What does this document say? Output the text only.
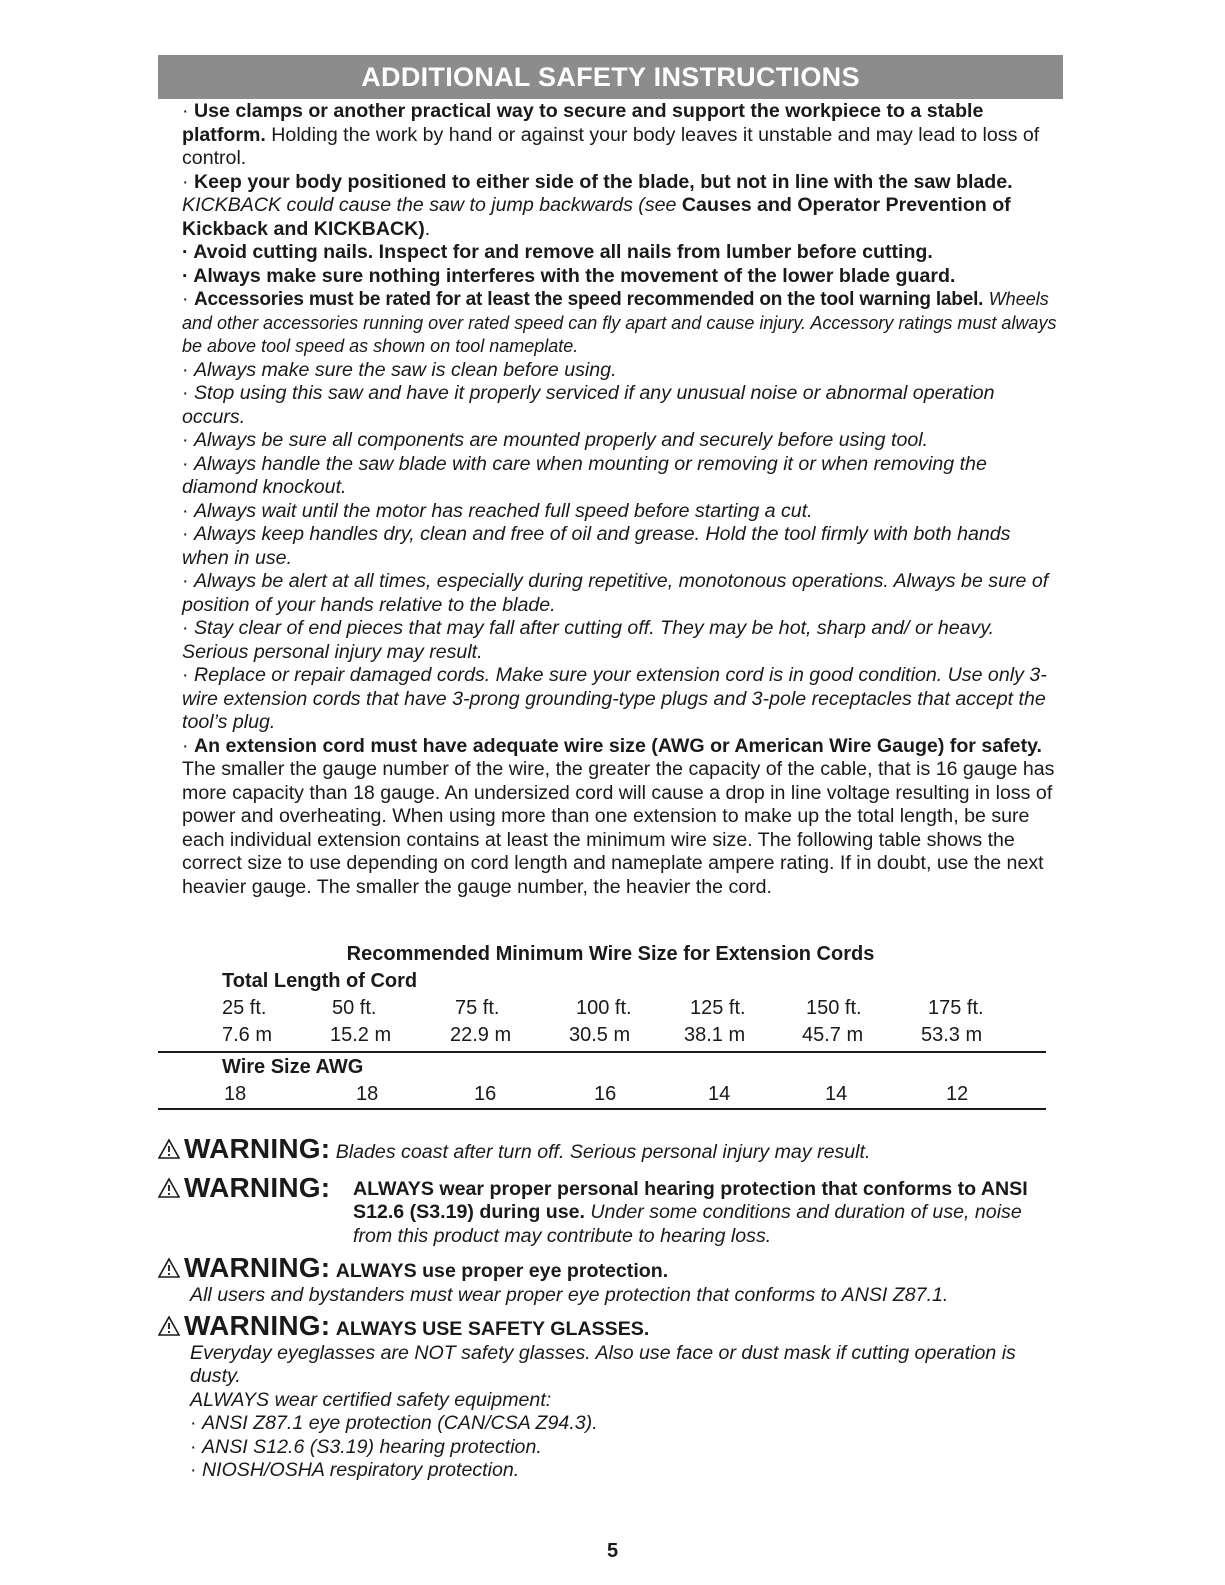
ADDITIONAL SAFETY INSTRUCTIONS

· Use clamps or another practical way to secure and support the workpiece to a stable platform. Holding the work by hand or against your body leaves it unstable and may lead to loss of control.

· Keep your body positioned to either side of the blade, but not in line with the saw blade. KICKBACK could cause the saw to jump backwards (see Causes and Operator Prevention of Kickback and KICKBACK).

· Avoid cutting nails. Inspect for and remove all nails from lumber before cutting.

· Always make sure nothing interferes with the movement of the lower blade guard.

· Accessories must be rated for at least the speed recommended on the tool warning label. Wheels and other accessories running over rated speed can fly apart and cause injury. Accessory ratings must always be above tool speed as shown on tool nameplate.

· Always make sure the saw is clean before using.

· Stop using this saw and have it properly serviced if any unusual noise or abnormal operation occurs.

· Always be sure all components are mounted properly and securely before using tool.

· Always handle the saw blade with care when mounting or removing it or when removing the diamond knockout.

· Always wait until the motor has reached full speed before starting a cut.

· Always keep handles dry, clean and free of oil and grease. Hold the tool firmly with both hands when in use.

· Always be alert at all times, especially during repetitive, monotonous operations. Always be sure of position of your hands relative to the blade.

· Stay clear of end pieces that may fall after cutting off. They may be hot, sharp and/ or heavy. Serious personal injury may result.

· Replace or repair damaged cords. Make sure your extension cord is in good condition. Use only 3-wire extension cords that have 3-prong grounding-type plugs and 3-pole receptacles that accept the tool’s plug.

· An extension cord must have adequate wire size (AWG or American Wire Gauge) for safety. The smaller the gauge number of the wire, the greater the capacity of the cable, that is 16 gauge has more capacity than 18 gauge. An undersized cord will cause a drop in line voltage resulting in loss of power and overheating. When using more than one extension to make up the total length, be sure each individual extension contains at least the minimum wire size. The following table shows the correct size to use depending on cord length and nameplate ampere rating. If in doubt, use the next heavier gauge. The smaller the gauge number, the heavier the cord.

Recommended Minimum Wire Size for Extension Cords
Total Length of Cord
25 ft.	50 ft.	75 ft.	100 ft.	125 ft.	150 ft.	175 ft.
7.6 m	15.2 m	22.9 m	30.5 m	38.1 m	45.7 m	53.3 m
Wire Size AWG
18	18	16	16	14	14	12

WARNING: Blades coast after turn off. Serious personal injury may result.

WARNING:	ALWAYS wear proper personal hearing protection that conforms to ANSI S12.6 (S3.19) during use. Under some conditions and duration of use, noise from this product may contribute to hearing loss.

WARNING: ALWAYS use proper eye protection.

All users and bystanders must wear proper eye protection that conforms to ANSI Z87.1.

WARNING: ALWAYS USE SAFETY GLASSES.

Everyday eyeglasses are NOT safety glasses. Also use face or dust mask if cutting operation is dusty.

ALWAYS wear certified safety equipment:

· ANSI Z87.1 eye protection (CAN/CSA Z94.3).

· ANSI S12.6 (S3.19) hearing protection.

· NIOSH/OSHA respiratory protection.

5
